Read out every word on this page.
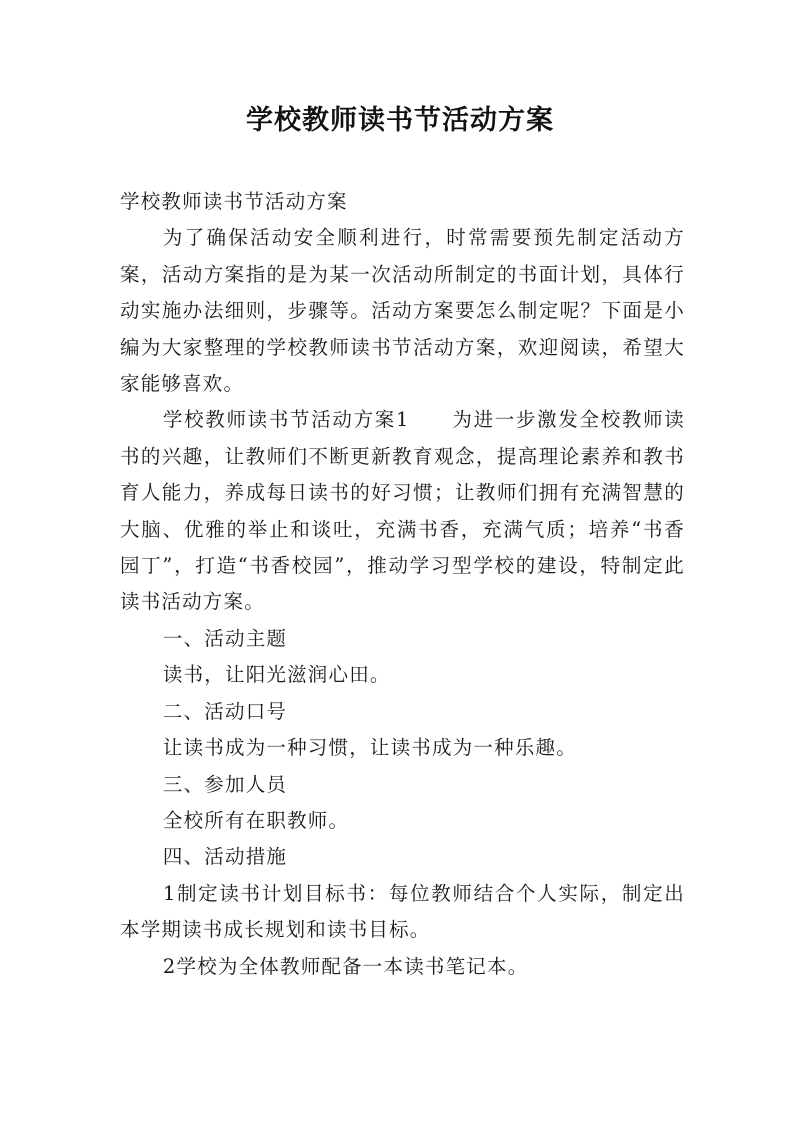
学校教师读书节活动方案

学校教师读书节活动方案

为了确保活动安全顺利进行，时常需要预先制定活动方案，活动方案指的是为某一次活动所制定的书面计划，具体行动实施办法细则，步骤等。活动方案要怎么制定呢？下面是小编为大家整理的学校教师读书节活动方案，欢迎阅读，希望大家能够喜欢。

学校教师读书节活动方案1　　为进一步激发全校教师读书的兴趣，让教师们不断更新教育观念，提高理论素养和教书育人能力，养成每日读书的好习惯；让教师们拥有充满智慧的大脑、优雅的举止和谈吐，充满书香，充满气质；培养“书香园丁”，打造“书香校园”，推动学习型学校的建设，特制定此读书活动方案。

一、活动主题

读书，让阳光滋润心田。

二、活动口号

让读书成为一种习惯，让读书成为一种乐趣。

三、参加人员

全校所有在职教师。

四、活动措施

1制定读书计划目标书：每位教师结合个人实际，制定出本学期读书成长规划和读书目标。

2学校为全体教师配备一本读书笔记本。
